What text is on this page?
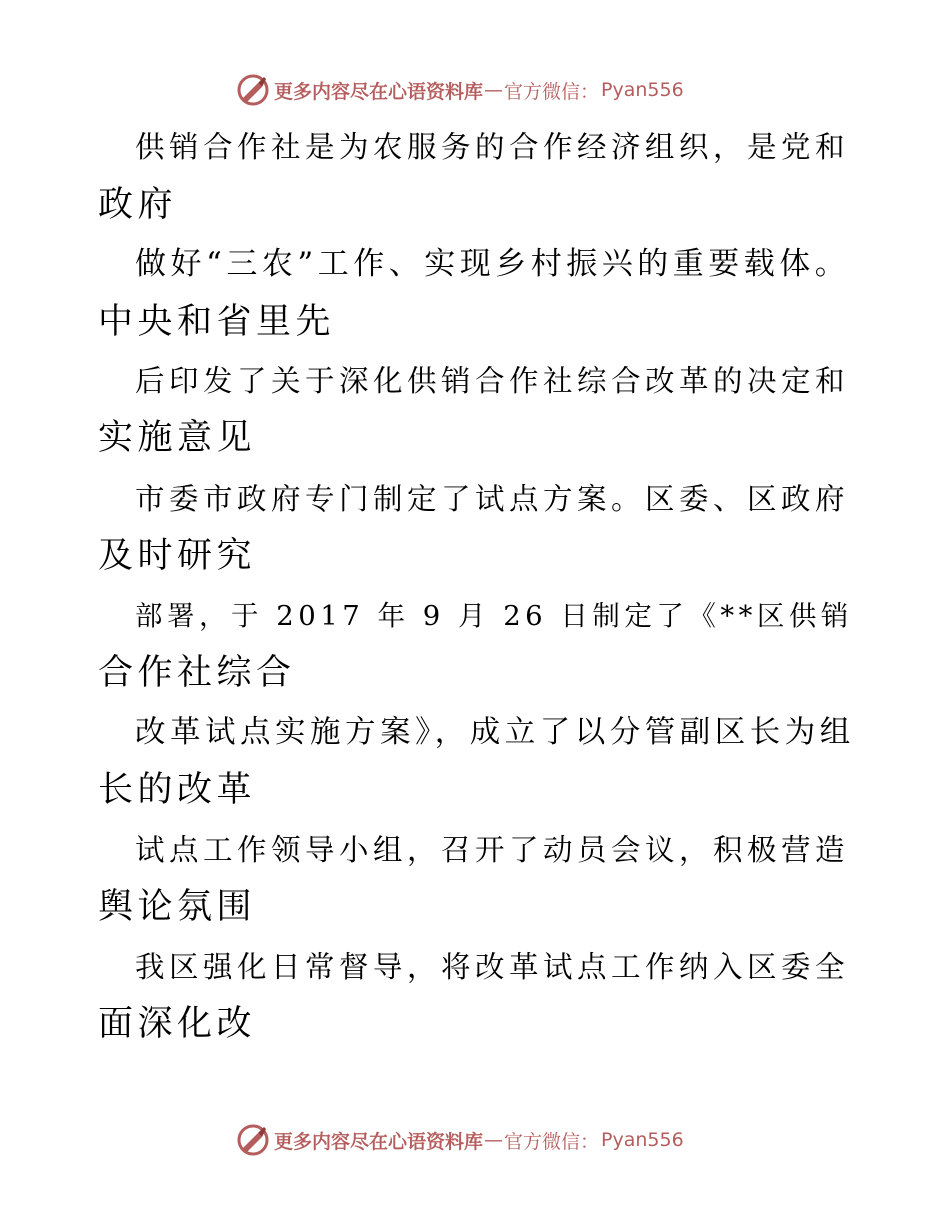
更多内容尽在心语资料库 — 官方微信： Pyan556
供销合作社是为农服务的合作经济组织，是党和
政府
做好“三农”工作、实现乡村振兴的重要载体。
中央和省里先
后印发了关于深化供销合作社综合改革的决定和
实施意见
市委市政府专门制定了试点方案。区委、区政府
及时研究
部署，于 2017 年 9 月 26 日制定了《**区供销
合作社综合
改革试点实施方案》，成立了以分管副区长为组
长的改革
试点工作领导小组，召开了动员会议，积极营造
舆论氛围
我区强化日常督导，将改革试点工作纳入区委全
面深化改
更多内容尽在心语资料库 — 官方微信： Pyan556
